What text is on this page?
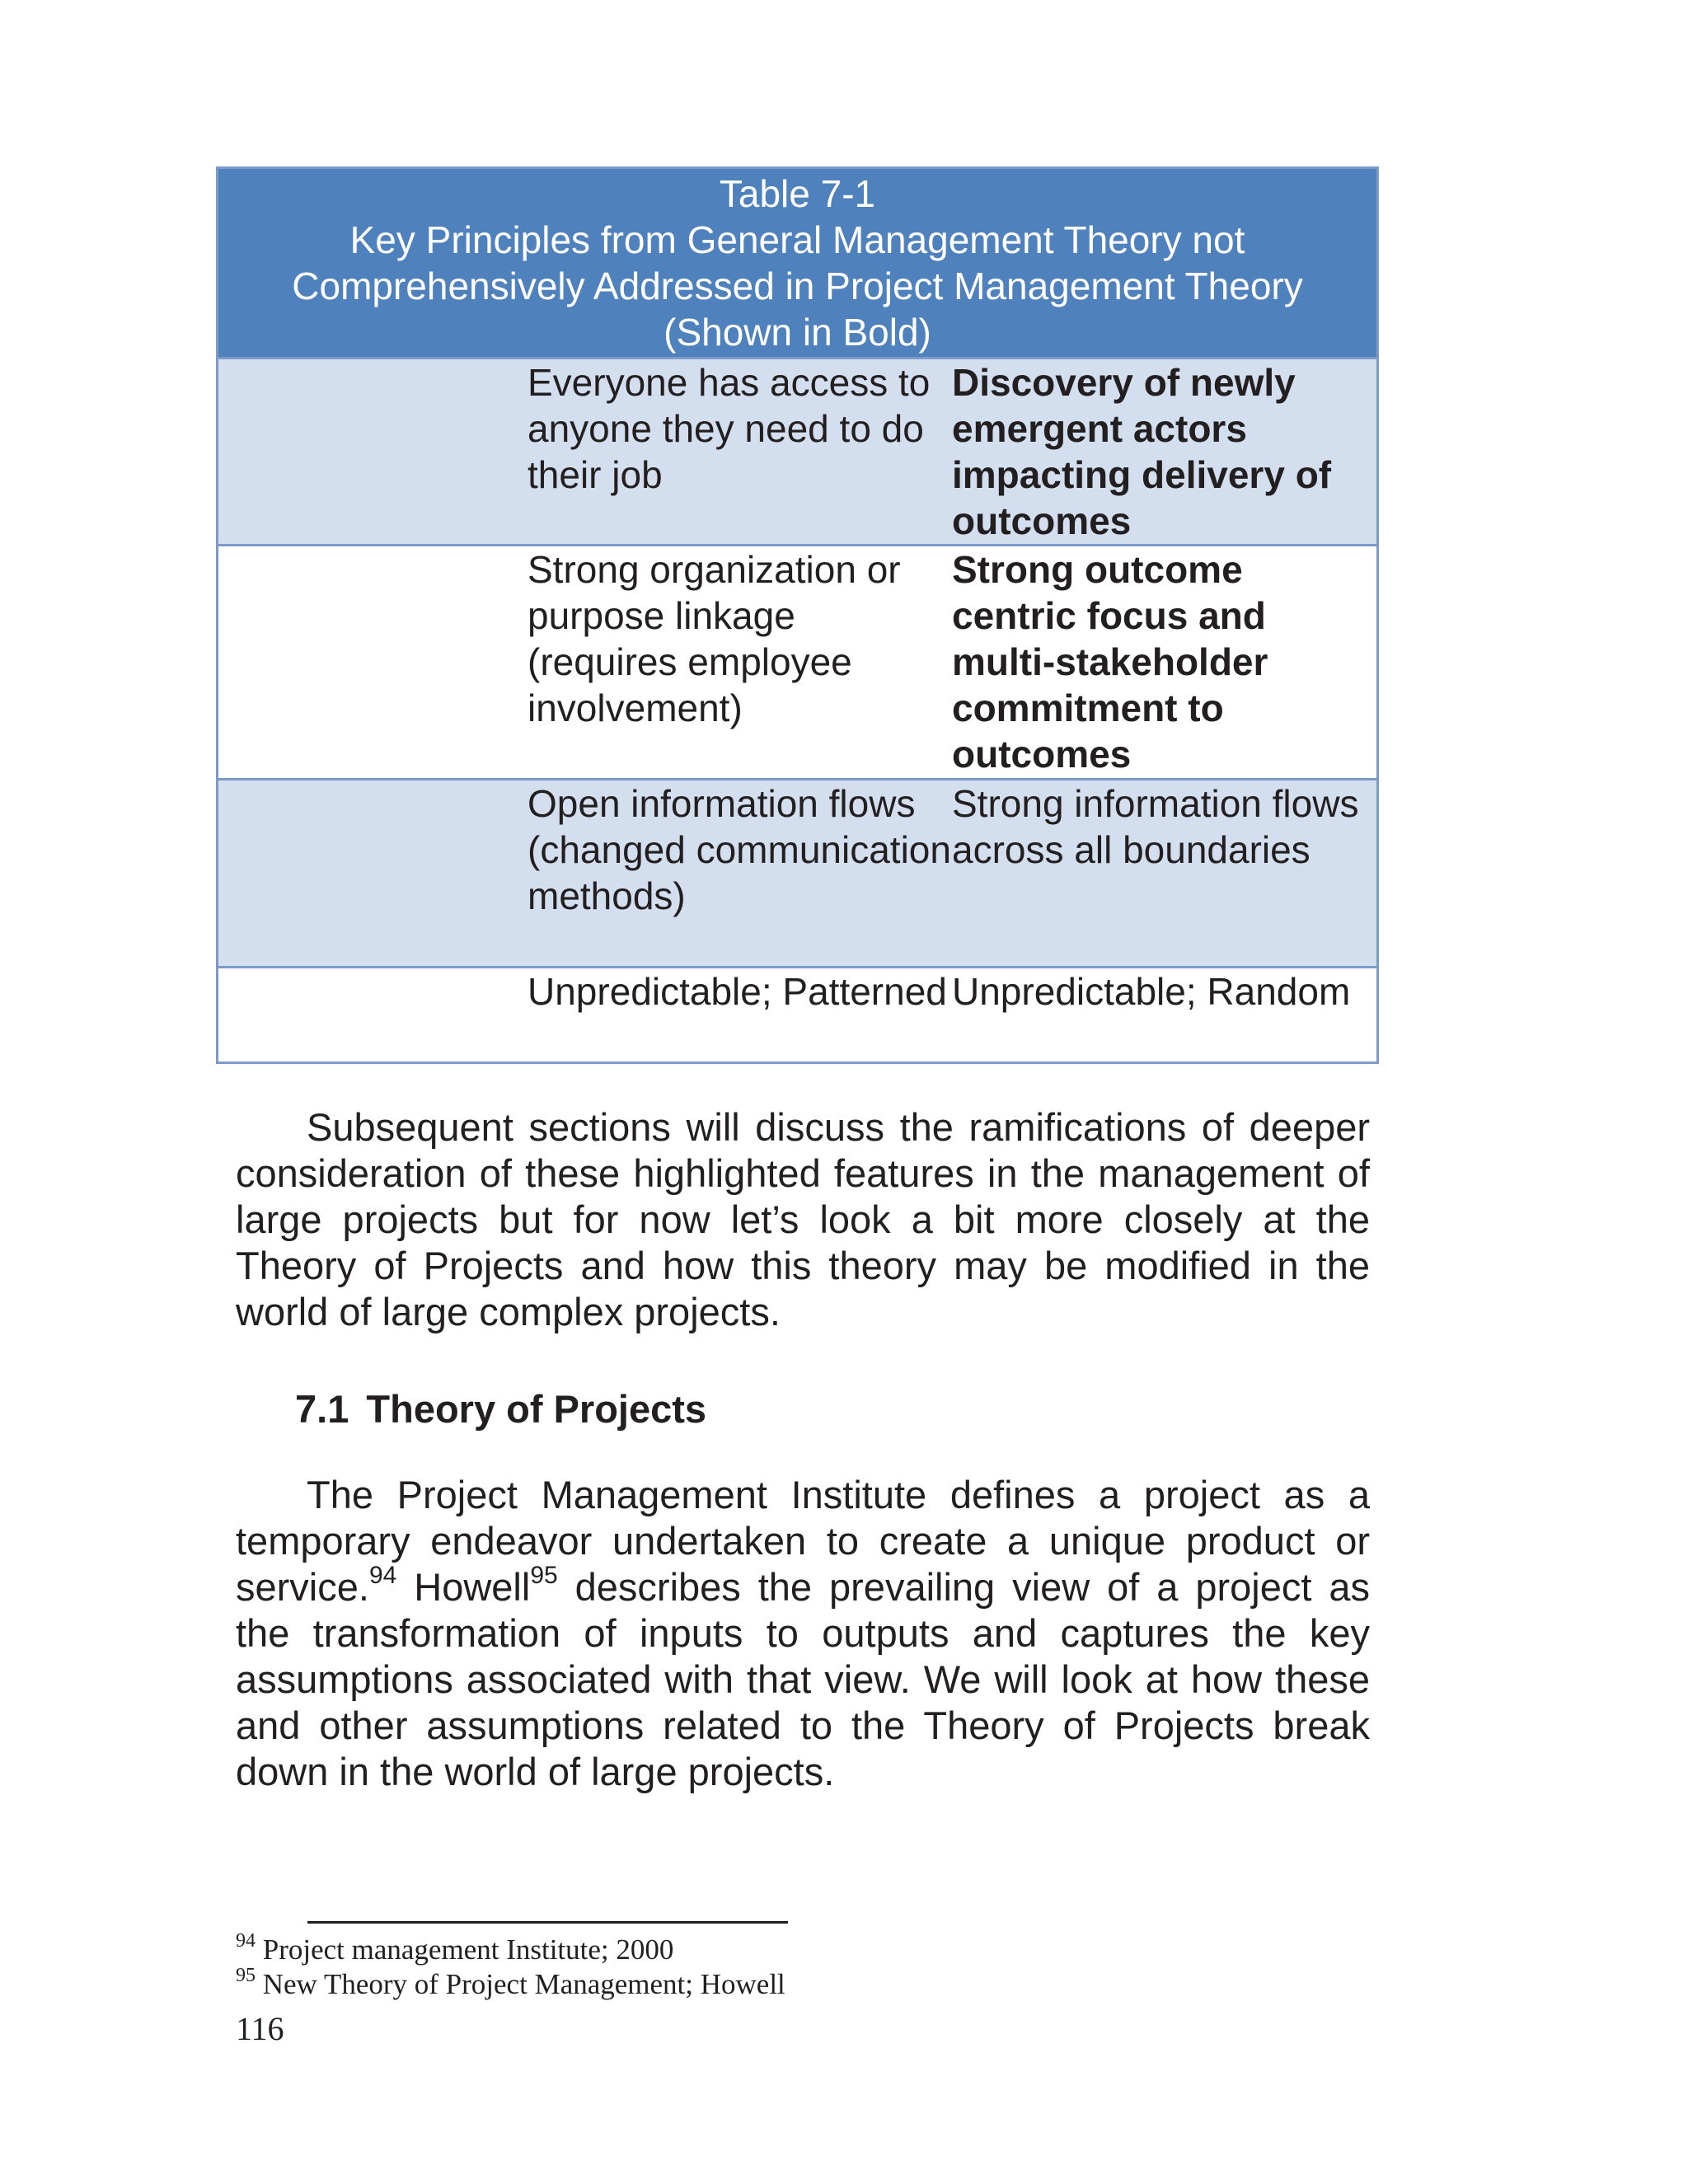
Table 7-1
Key Principles from General Management Theory not
Comprehensively Addressed in Project Management Theory
(Shown in Bold)
Everyone has access to anyone they need to do their job
Discovery of newly emergent actors impacting delivery of outcomes
Strong organization or purpose linkage (requires employee involvement)
Strong outcome centric focus and multi-stakeholder commitment to outcomes
Open information flows (changed communication methods)
Strong information flows across all boundaries
Unpredictable; Patterned Unpredictable; Random

Subsequent sections will discuss the ramifications of deeper consideration of these highlighted features in the management of large projects but for now let’s look a bit more closely at the Theory of Projects and how this theory may be modified in the world of large complex projects.

7.1 Theory of Projects

The Project Management Institute defines a project as a temporary endeavor undertaken to create a unique product or service.$^{94}$ Howell$^{95}$ describes the prevailing view of a project as the transformation of inputs to outputs and captures the key assumptions associated with that view. We will look at how these and other assumptions related to the Theory of Projects break down in the world of large projects.

$^{94}$ Project management Institute; 2000

$^{95}$ New Theory of Project Management; Howell

116
